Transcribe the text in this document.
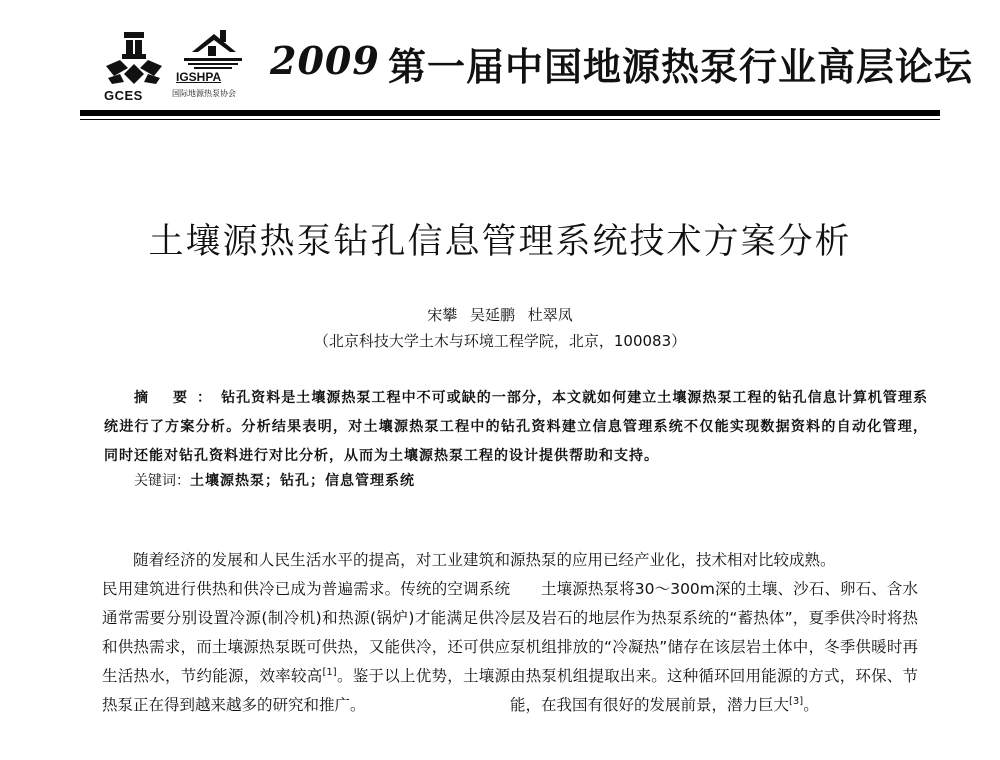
GCES
IGSHPA
国际地源热泵协会
2009 第一届中国地源热泵行业高层论坛
土壤源热泵钻孔信息管理系统技术方案分析
宋攀 吴延鹏 杜翠凤
（北京科技大学土木与环境工程学院，北京，100083）
摘 要：钻孔资料是土壤源热泵工程中不可或缺的一部分，本文就如何建立土壤源热泵工程的钻孔信息计算机管理系统进行了方案分析。分析结果表明，对土壤源热泵工程中的钻孔资料建立信息管理系统不仅能实现数据资料的自动化管理，同时还能对钻孔资料进行对比分析，从而为土壤源热泵工程的设计提供帮助和支持。
关键词：土壤源热泵；钻孔；信息管理系统

随着经济的发展和人民生活水平的提高，对工业建筑和民用建筑进行供热和供冷已成为普遍需求。传统的空调系统通常需要分别设置冷源(制冷机)和热源(锅炉)才能满足供冷和供热需求，而土壤源热泵既可供热，又能供冷，还可供应生活热水，节约能源，效率较高[1]。鉴于以上优势，土壤源热泵正在得到越来越多的研究和推广。

源热泵的应用已经产业化，技术相对比较成熟。

土壤源热泵将30～300m深的土壤、沙石、卵石、含水层及岩石的地层作为热泵系统的“蓄热体”，夏季供冷时将热泵机组排放的“冷凝热”储存在该层岩土体中，冬季供暖时再由热泵机组提取出来。这种循环回用能源的方式，环保、节能，在我国有很好的发展前景，潜力巨大[3]。
